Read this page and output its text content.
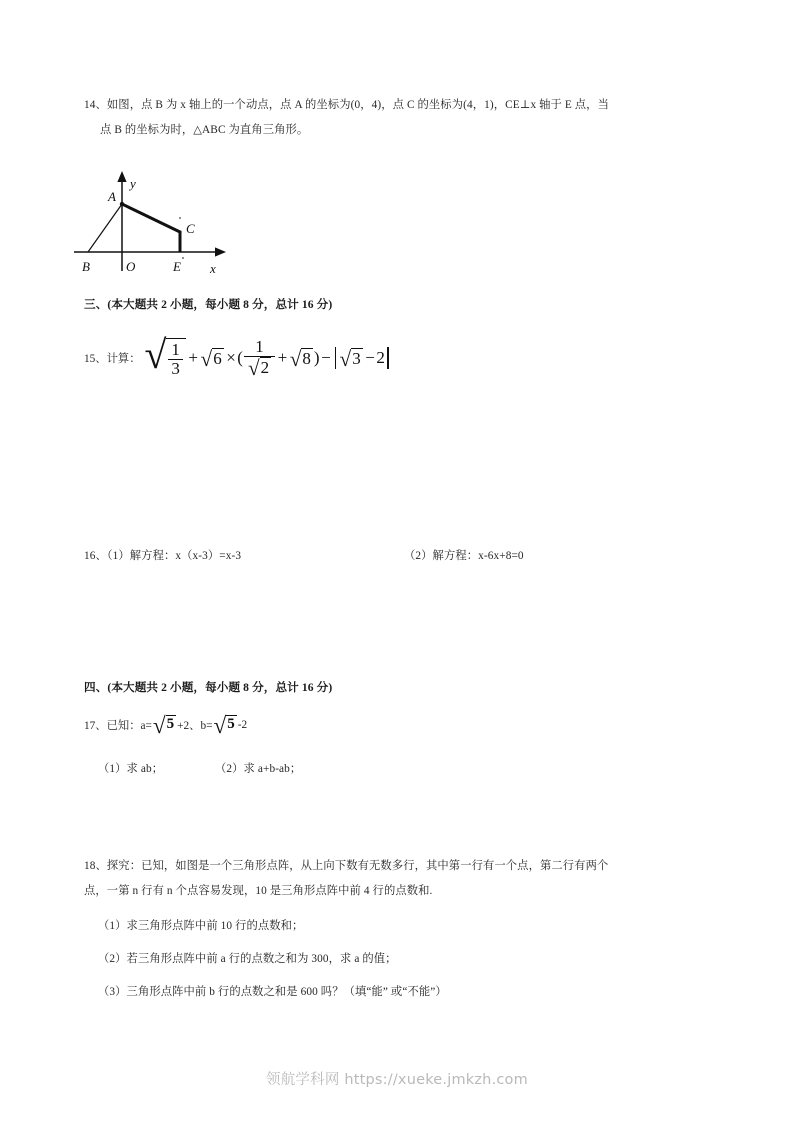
14、如图，点 B 为 x 轴上的一个动点，点 A 的坐标为(0，4)，点 C 的坐标为(4，1)，CE⊥x 轴于 E 点，当
点 B 的坐标为时，△ABC 为直角三角形。
A
B
C
O	E x
y
三、(本大题共 2 小题，每小题 8 分，总计 16 分)
15、计算： √ $\frac{1}{3}$ + √ 6 × ( $\frac{1}{√ 2}$ + √ 8 ) − √ 3 − 2
16、（1）解方程：x（x-3）=x-3	（2）解方程：x-6x+8=0
四、(本大题共 2 小题，每小题 8 分，总计 16 分)
17、已知：a= √ 5 +2、b= √ 5 -2
（1）求 ab；	（2）求 a+b-ab；
18、探究：已知，如图是一个三角形点阵，从上向下数有无数多行，其中第一行有一个点，第二行有两个
点，一第 n 行有 n 个点容易发现，10 是三角形点阵中前 4 行的点数和.
（1）求三角形点阵中前 10 行的点数和；
（2）若三角形点阵中前 a 行的点数之和为 300，求 a 的值；
（3）三角形点阵中前 b 行的点数之和是 600 吗？（填“能” 或“不能”）
领航学科网 https://xueke.jmkzh.com
